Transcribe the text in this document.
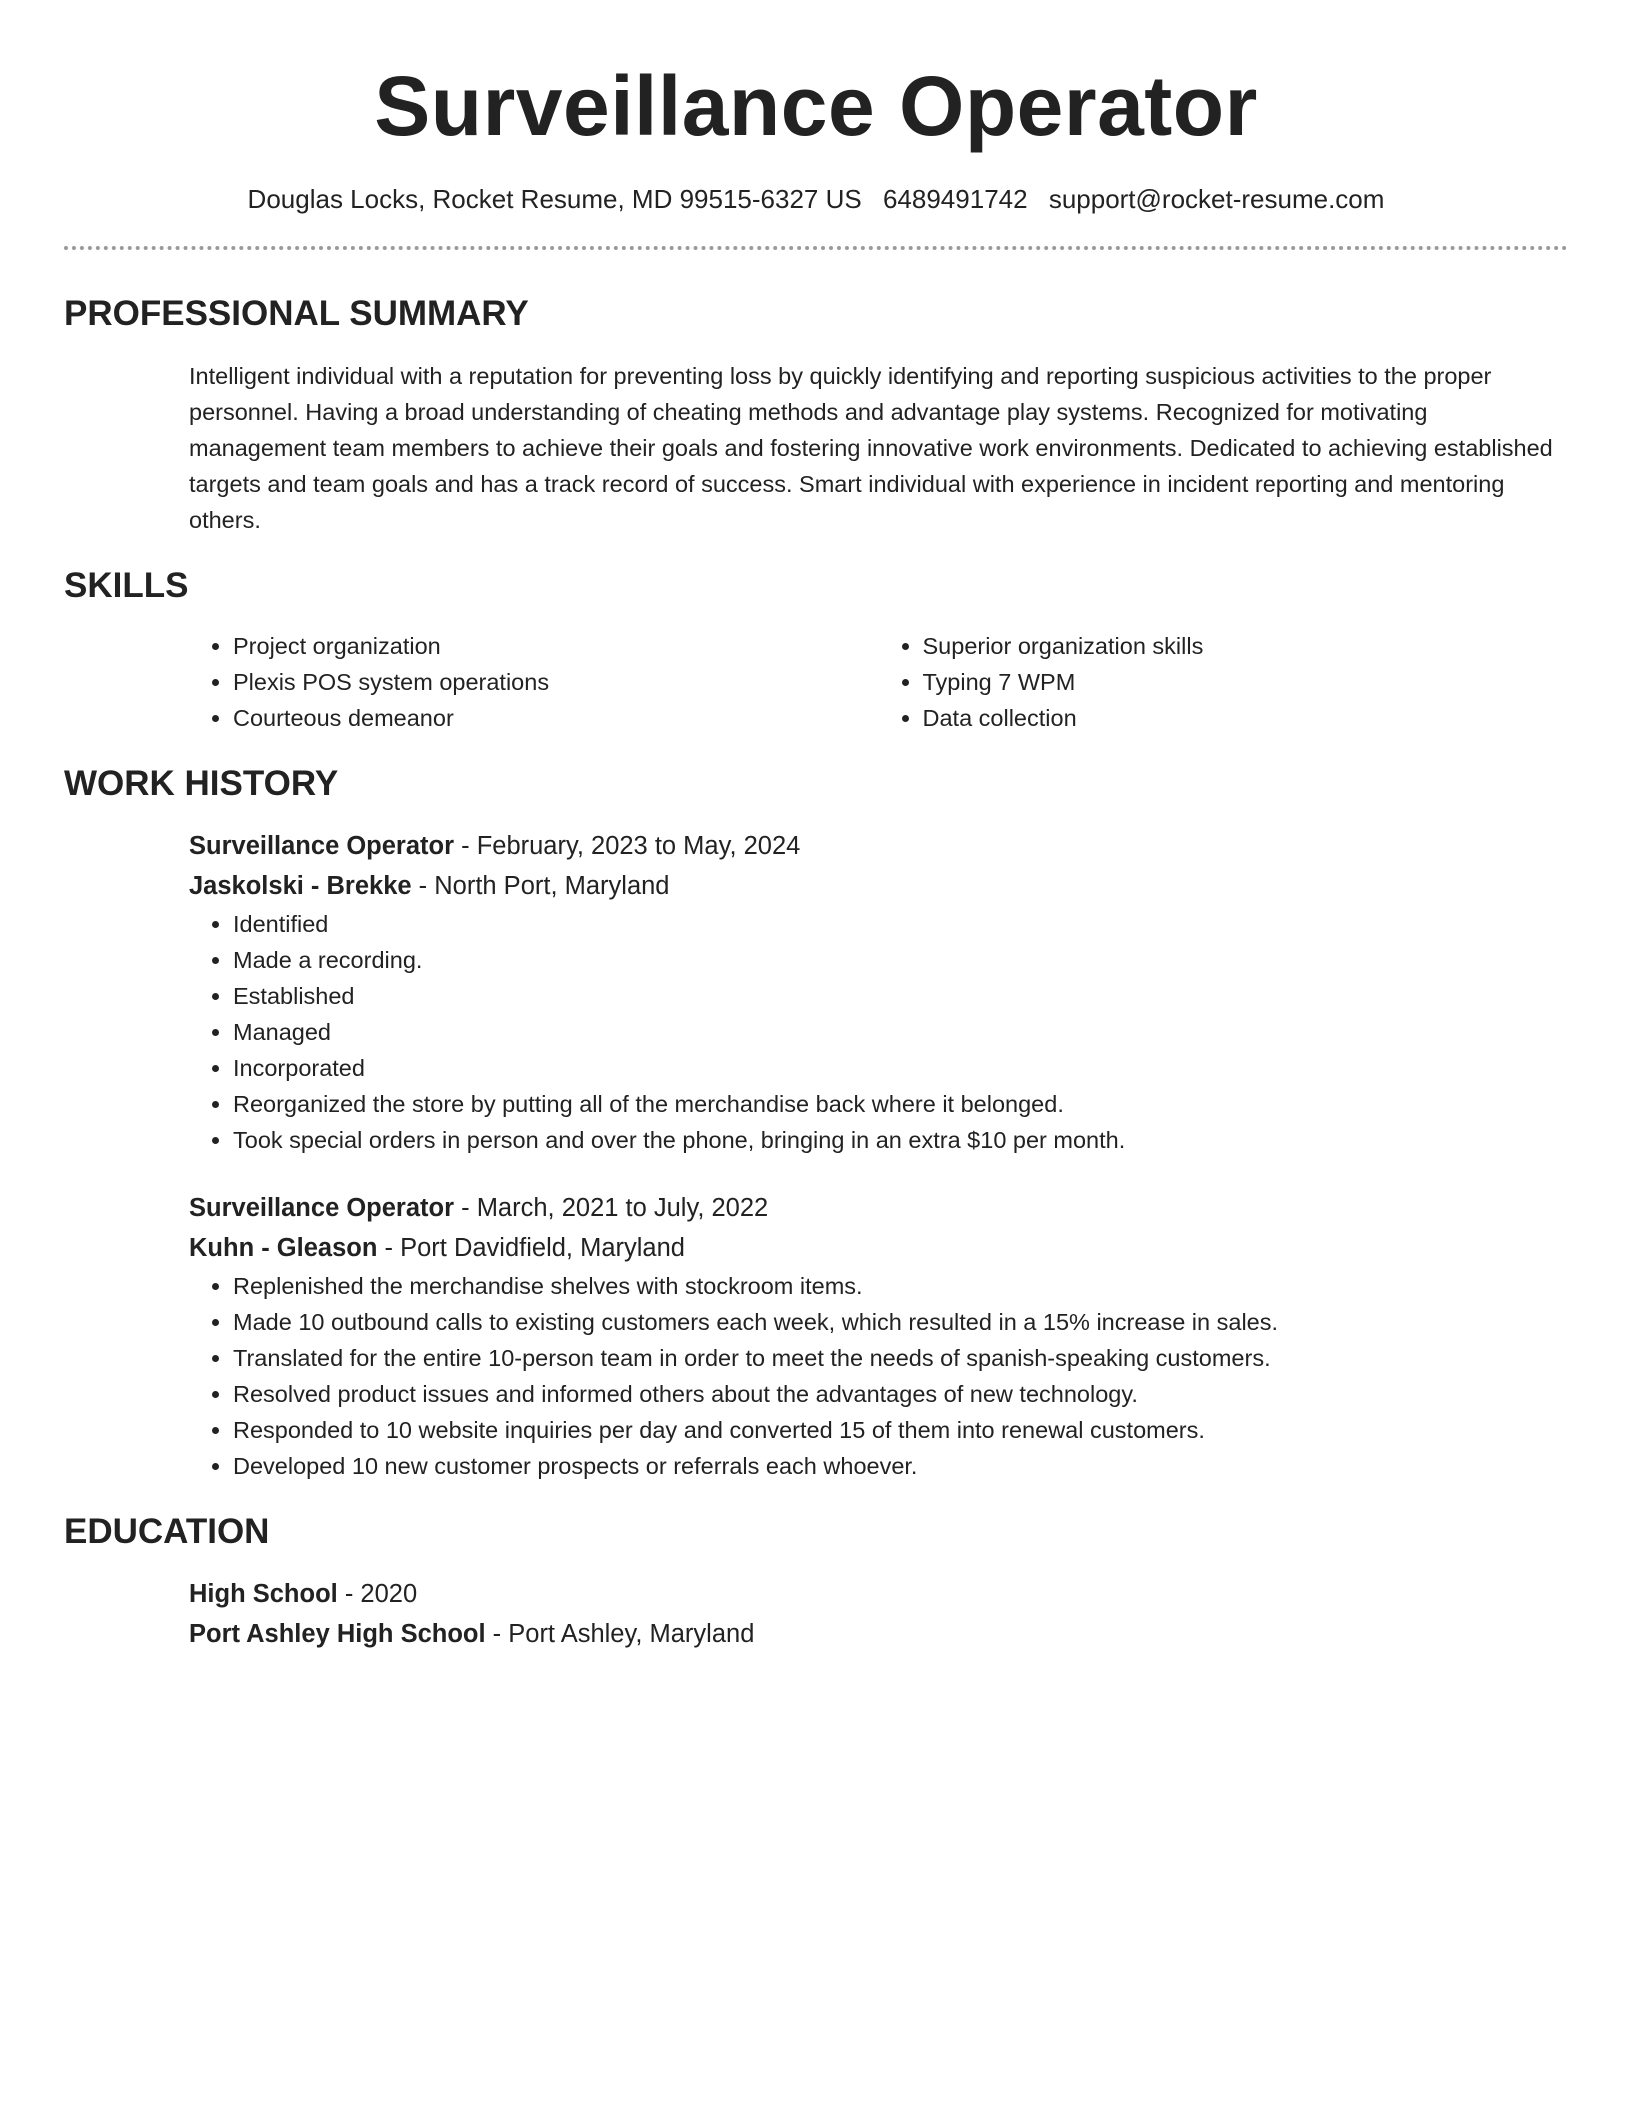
Surveillance Operator
Douglas Locks, Rocket Resume, MD 99515-6327 US 6489491742 support@rocket-resume.com
PROFESSIONAL SUMMARY

Intelligent individual with a reputation for preventing loss by quickly identifying and reporting suspicious activities to the proper personnel. Having a broad understanding of cheating methods and advantage play systems. Recognized for motivating management team members to achieve their goals and fostering innovative work environments. Dedicated to achieving established targets and team goals and has a track record of success. Smart individual with experience in incident reporting and mentoring others.

SKILLS
• Project organization
• Plexis POS system operations
• Courteous demeanor
• Superior organization skills
• Typing 7 WPM
• Data collection
WORK HISTORY
Surveillance Operator - February, 2023 to May, 2024
Jaskolski - Brekke - North Port, Maryland
• Identified
• Made a recording.
• Established
• Managed
• Incorporated
• Reorganized the store by putting all of the merchandise back where it belonged.
• Took special orders in person and over the phone, bringing in an extra $10 per month.
Surveillance Operator - March, 2021 to July, 2022
Kuhn - Gleason - Port Davidfield, Maryland
• Replenished the merchandise shelves with stockroom items.
• Made 10 outbound calls to existing customers each week, which resulted in a 15% increase in sales.
• Translated for the entire 10-person team in order to meet the needs of spanish-speaking customers.
• Resolved product issues and informed others about the advantages of new technology.
• Responded to 10 website inquiries per day and converted 15 of them into renewal customers.
• Developed 10 new customer prospects or referrals each whoever.
EDUCATION
High School - 2020
Port Ashley High School - Port Ashley, Maryland
